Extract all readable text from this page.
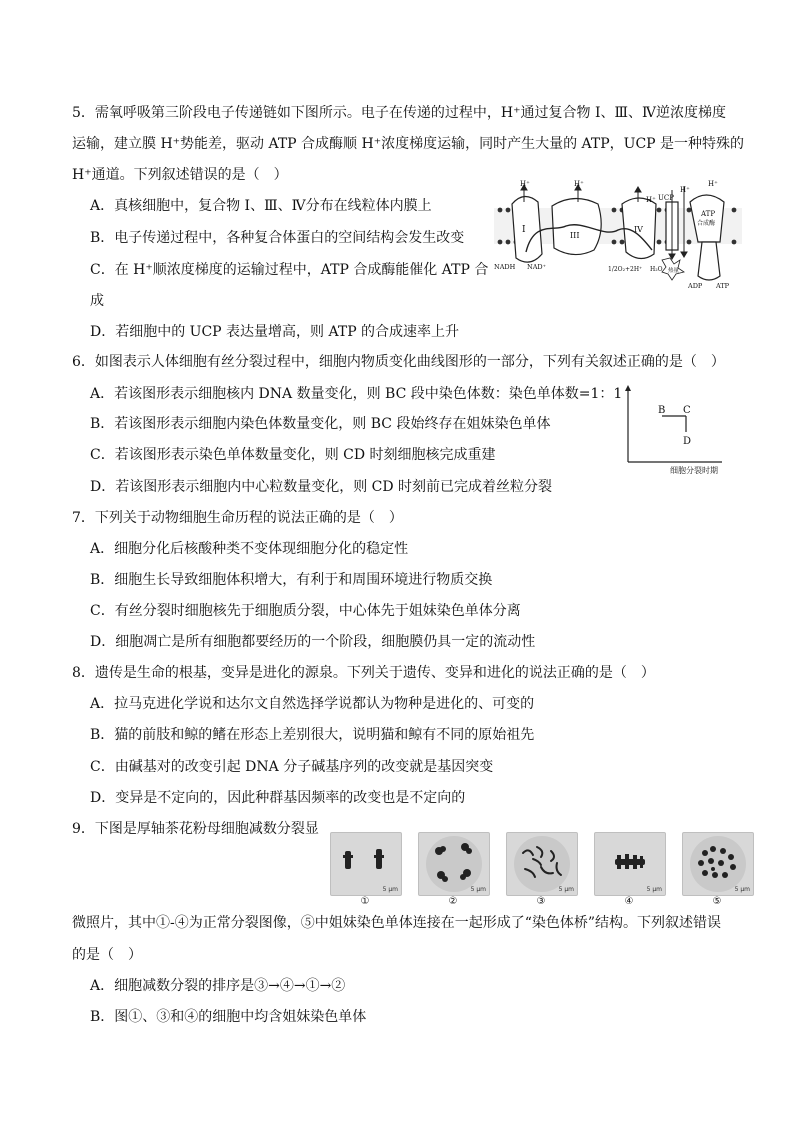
5．需氧呼吸第三阶段电子传递链如下图所示。电子在传递的过程中，H⁺通过复合物 I、Ⅲ、Ⅳ逆浓度梯度
运输，建立膜 H⁺势能差，驱动 ATP 合成酶顺 H⁺浓度梯度运输，同时产生大量的 ATP，UCP 是一种特殊的
H⁺通道。下列叙述错误的是（　）
A．真核细胞中，复合物 I、Ⅲ、Ⅳ分布在线粒体内膜上
B．电子传递过程中，各种复合体蛋白的空间结构会发生改变
C．在 H⁺顺浓度梯度的运输过程中，ATP 合成酶能催化 ATP 合
成
D．若细胞中的 UCP 表达量增高，则 ATP 的合成速率上升
H⁺	H⁺
H⁺
H⁺
H⁺
I
III
IV
UCP
ATP
合成酶
NADH NAD⁺	1/2O₂+2H⁺ H₂O 热量
ADP ATP
6．如图表示人体细胞有丝分裂过程中，细胞内物质变化曲线图形的一部分，下列有关叙述正确的是（　）
A．若该图形表示细胞核内 DNA 数量变化，则 BC 段中染色体数：染色单体数=1：1
B．若该图形表示细胞内染色体数量变化，则 BC 段始终存在姐妹染色单体
C．若该图形表示染色单体数量变化，则 CD 时刻细胞核完成重建
D．若该图形表示细胞内中心粒数量变化，则 CD 时刻前已完成着丝粒分裂
B C
D
细胞分裂时期
7．下列关于动物细胞生命历程的说法正确的是（　）
A．细胞分化后核酸种类不变体现细胞分化的稳定性
B．细胞生长导致细胞体积增大，有利于和周围环境进行物质交换
C．有丝分裂时细胞核先于细胞质分裂，中心体先于姐妹染色单体分离
D．细胞凋亡是所有细胞都要经历的一个阶段，细胞膜仍具一定的流动性
8．遗传是生命的根基，变异是进化的源泉。下列关于遗传、变异和进化的说法正确的是（　）
A．拉马克进化学说和达尔文自然选择学说都认为物种是进化的、可变的
B．猫的前肢和鲸的鳍在形态上差别很大，说明猫和鲸有不同的原始祖先
C．由碱基对的改变引起 DNA 分子碱基序列的改变就是基因突变
D．变异是不定向的，因此种群基因频率的改变也是不定向的
9．下图是厚轴茶花粉母细胞减数分裂显
5 μm	5 μm	5 μm	5 μm	5 μm
①	②	③	④	⑤
微照片，其中①-④为正常分裂图像，⑤中姐妹染色单体连接在一起形成了“染色体桥”结构。下列叙述错误
的是（　）
A．细胞减数分裂的排序是③→④→①→②
B．图①、③和④的细胞中均含姐妹染色单体
